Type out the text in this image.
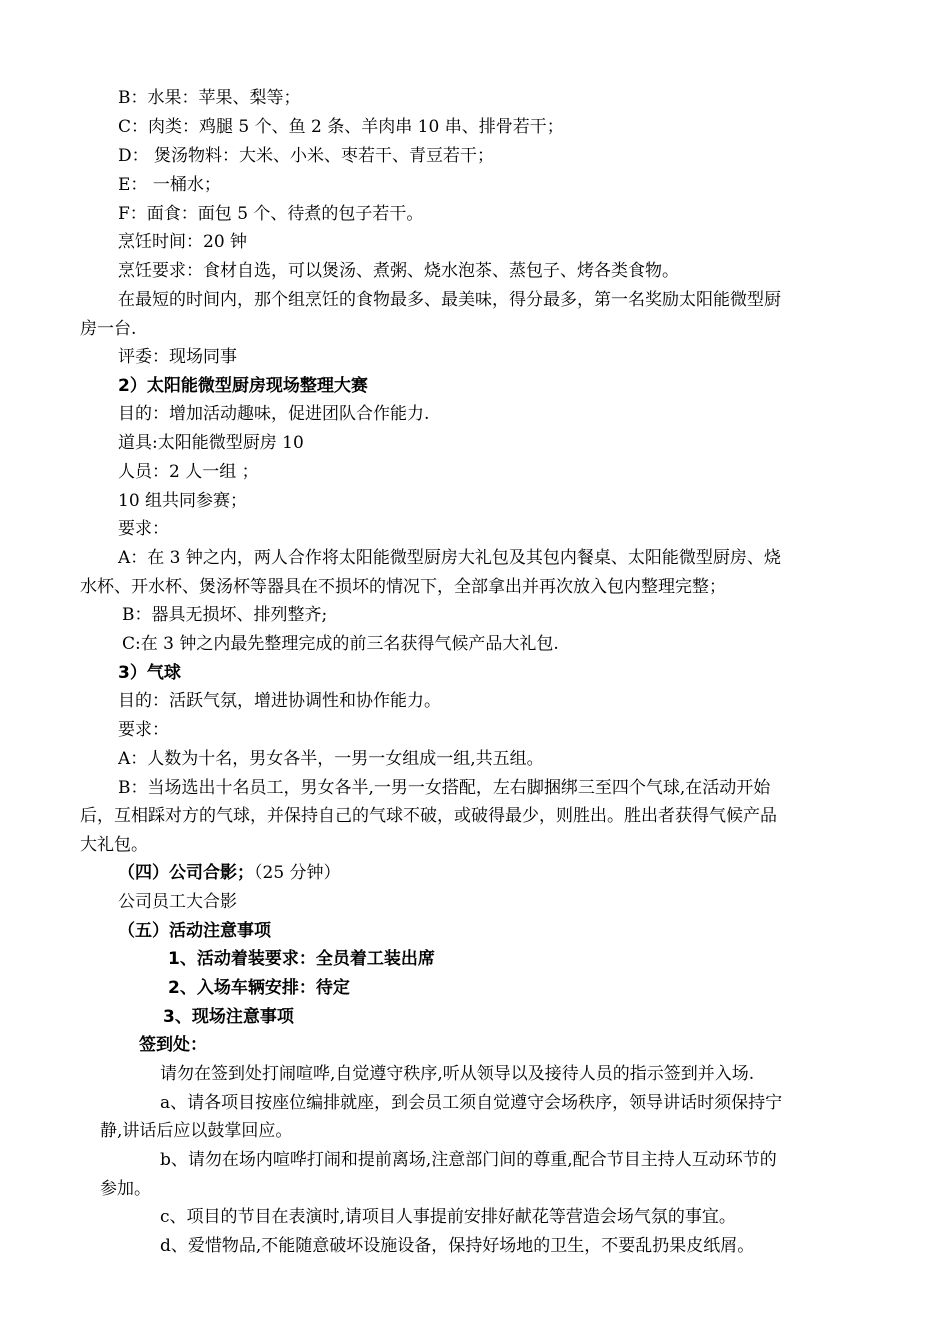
B：水果：苹果、梨等；
C：肉类：鸡腿 5 个、鱼 2 条、羊肉串 10 串、排骨若干；
D： 煲汤物料：大米、小米、枣若干、青豆若干；
E： 一桶水；
F：面食：面包 5 个、待煮的包子若干。
烹饪时间：20 钟
烹饪要求：食材自选，可以煲汤、煮粥、烧水泡茶、蒸包子、烤各类食物。
在最短的时间内，那个组烹饪的食物最多、最美味，得分最多，第一名奖励太阳能微型厨
房一台.
评委：现场同事
2）太阳能微型厨房现场整理大赛
目的：增加活动趣味，促进团队合作能力.
道具:太阳能微型厨房 10
人员：2 人一组 ；
10 组共同参赛；
要求：
A：在 3 钟之内，两人合作将太阳能微型厨房大礼包及其包内餐桌、太阳能微型厨房、烧
水杯、开水杯、煲汤杯等器具在不损坏的情况下，全部拿出并再次放入包内整理完整；
B：器具无损坏、排列整齐;
C:在 3 钟之内最先整理完成的前三名获得气候产品大礼包.
3）气球
目的：活跃气氛，增进协调性和协作能力。
要求：
A：人数为十名，男女各半，一男一女组成一组,共五组。
B：当场选出十名员工，男女各半,一男一女搭配，左右脚捆绑三至四个气球,在活动开始
后，互相踩对方的气球，并保持自己的气球不破，或破得最少，则胜出。胜出者获得气候产品
大礼包。
（四）公司合影；（25 分钟）
公司员工大合影
（五）活动注意事项
1、活动着装要求：全员着工装出席
2、入场车辆安排：待定
3、现场注意事项
签到处：
请勿在签到处打闹喧哗,自觉遵守秩序,听从领导以及接待人员的指示签到并入场.
a、请各项目按座位编排就座，到会员工须自觉遵守会场秩序，领导讲话时须保持宁
静,讲话后应以鼓掌回应。
b、请勿在场内喧哗打闹和提前离场,注意部门间的尊重,配合节目主持人互动环节的
参加。
c、项目的节目在表演时,请项目人事提前安排好献花等营造会场气氛的事宜。
d、爱惜物品,不能随意破坏设施设备，保持好场地的卫生，不要乱扔果皮纸屑。
